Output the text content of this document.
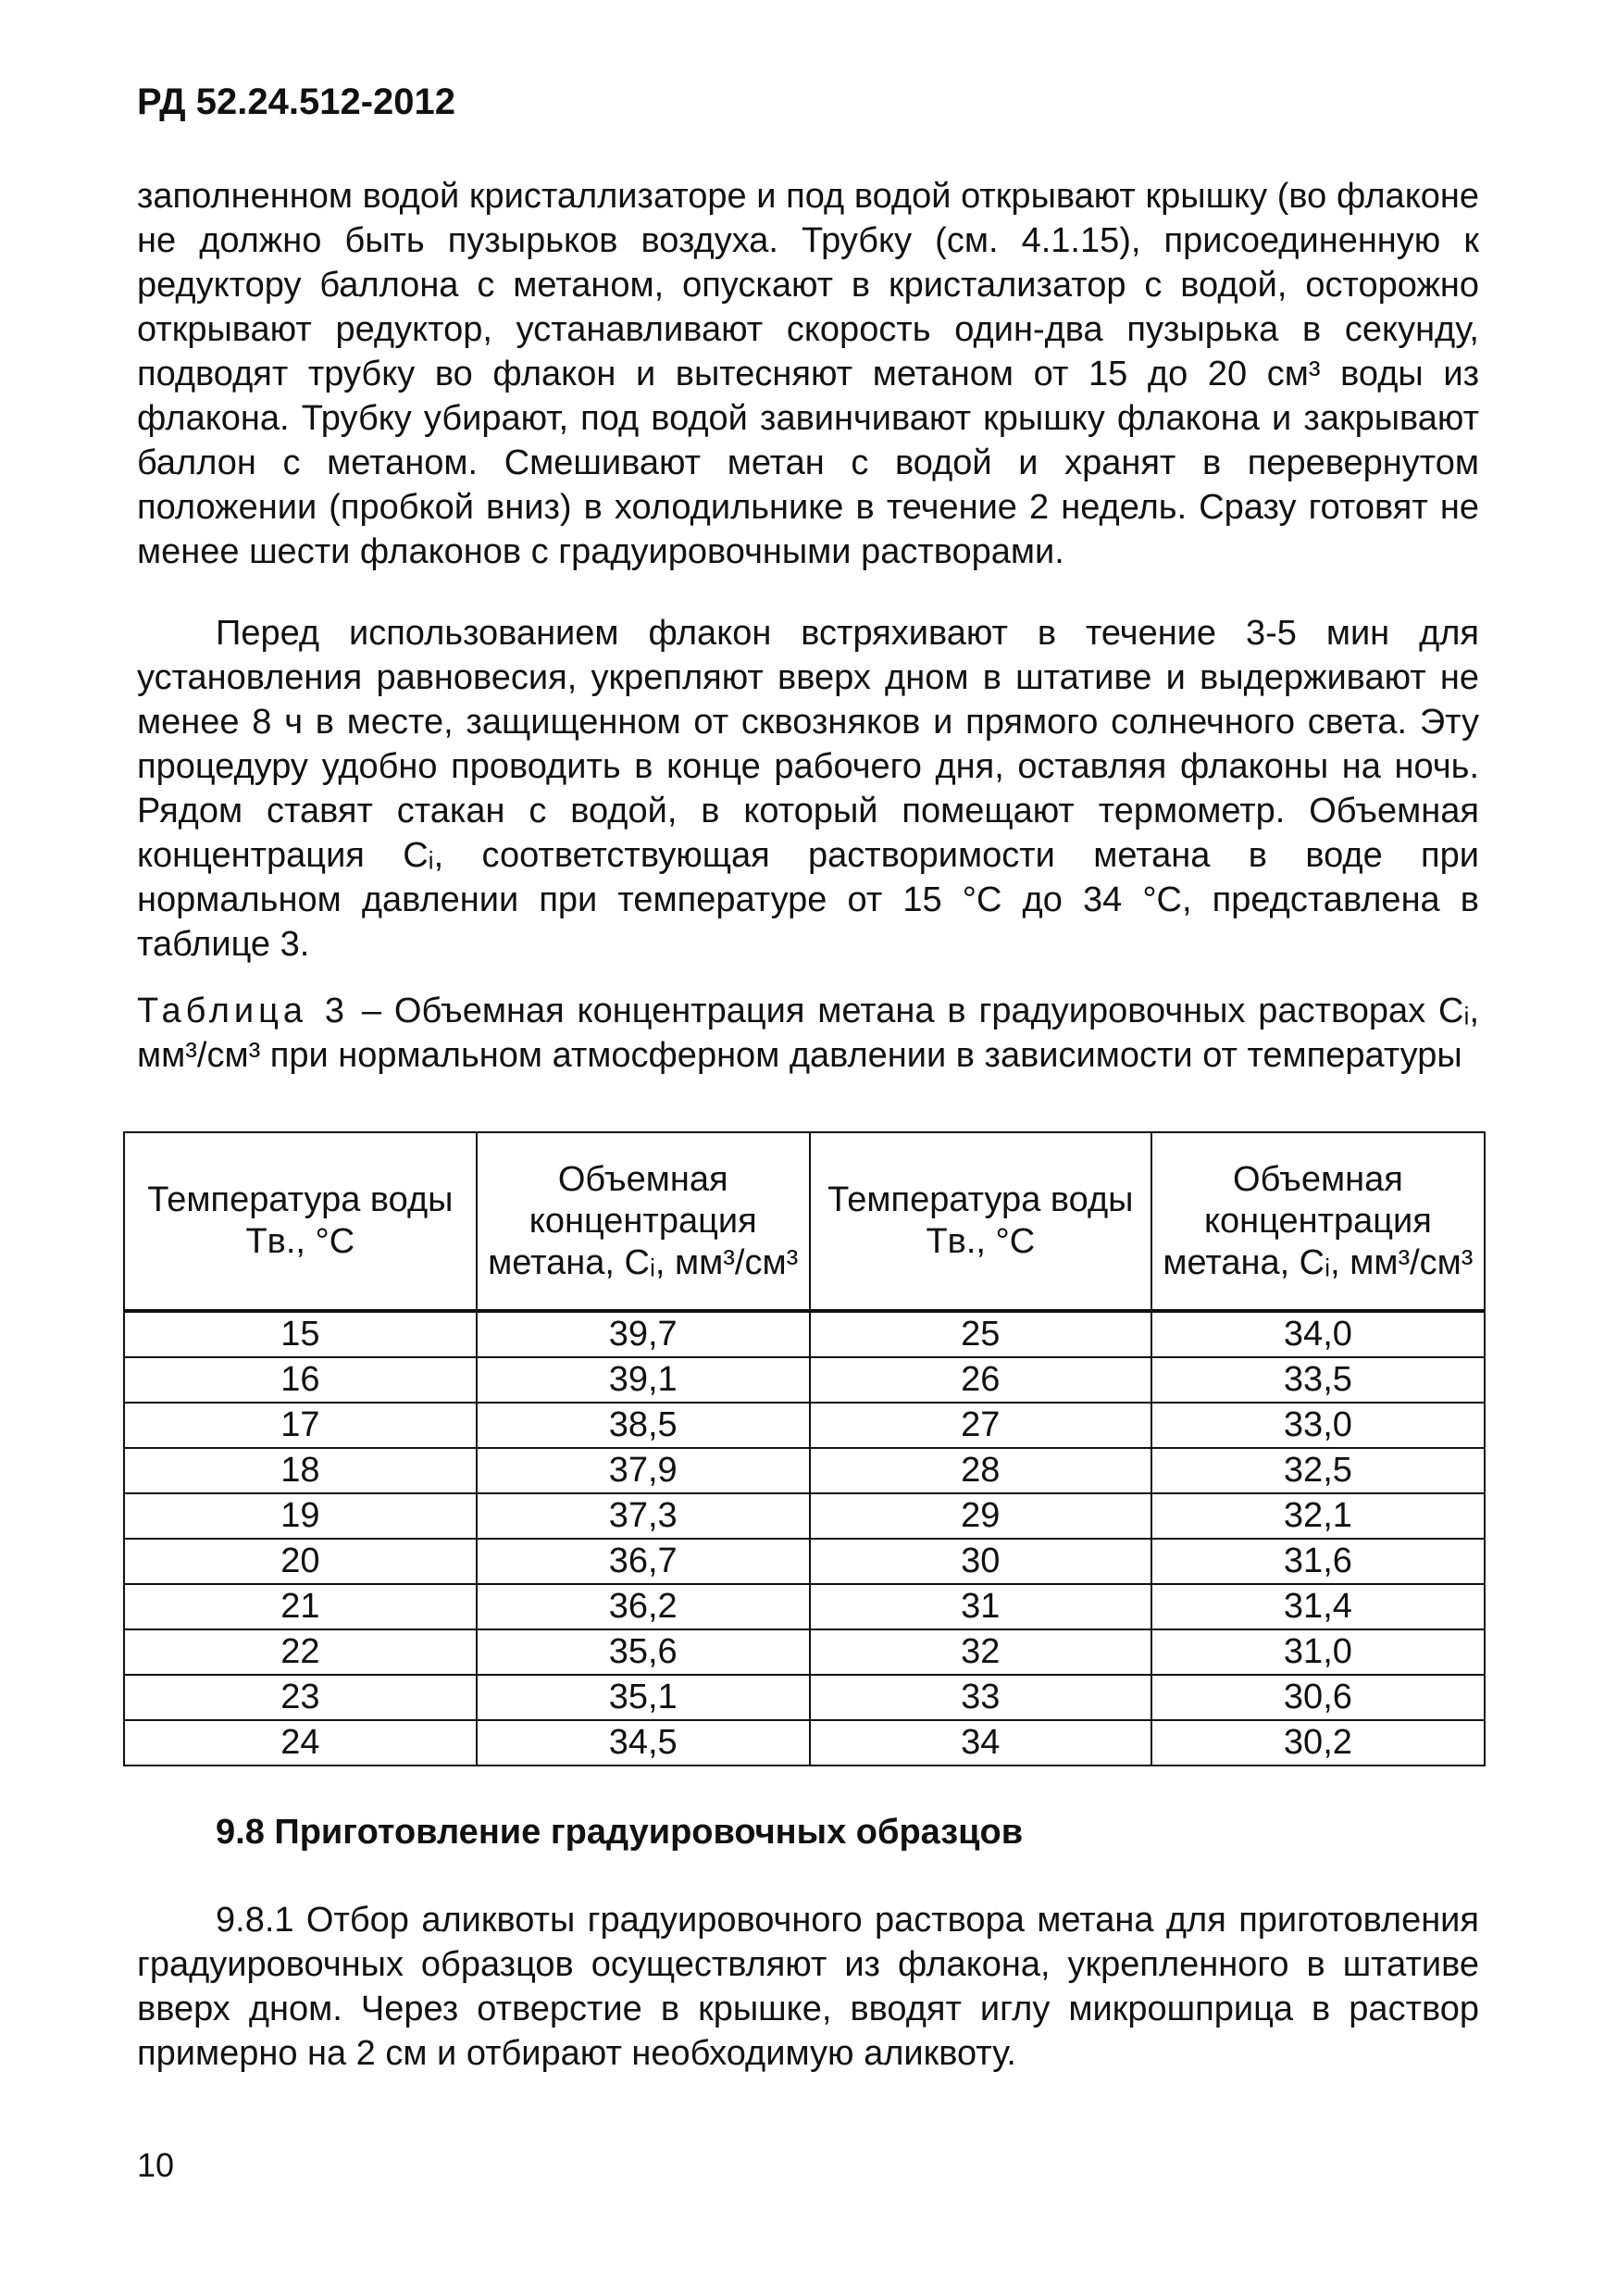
РД 52.24.512-2012
заполненном водой кристаллизаторе и под водой открывают крышку (во флаконе не должно быть пузырьков воздуха. Трубку (см. 4.1.15), присоединенную к редуктору баллона с метаном, опускают в кристализатор с водой, осторожно открывают редуктор, устанавливают скорость один-два пузырька в секунду, подводят трубку во флакон и вытесняют метаном от 15 до 20 см³ воды из флакона. Трубку убирают, под водой завинчивают крышку флакона и закрывают баллон с метаном. Смешивают метан с водой и хранят в перевернутом положении (пробкой вниз) в холодильнике в течение 2 недель. Сразу готовят не менее шести флаконов с градуировочными растворами.
Перед использованием флакон встряхивают в течение 3-5 мин для установления равновесия, укрепляют вверх дном в штативе и выдерживают не менее 8 ч в месте, защищенном от сквозняков и прямого солнечного света. Эту процедуру удобно проводить в конце рабочего дня, оставляя флаконы на ночь. Рядом ставят стакан с водой, в который помещают термометр. Объемная концентрация Cᵢ, соответствующая растворимости метана в воде при нормальном давлении при температуре от 15 °С до 34 °С, представлена в таблице 3.
Таблица 3 – Объемная концентрация метана в градуировочных растворах Cᵢ, мм³/см³ при нормальном атмосферном давлении в зависимости от температуры
Температура воды Tв., °С	Объемная концентрация метана, Cᵢ, мм³/см³	Температура воды Tв., °С	Объемная концентрация метана, Cᵢ, мм³/см³
15	39,7	25	34,0
16	39,1	26	33,5
17	38,5	27	33,0
18	37,9	28	32,5
19	37,3	29	32,1
20	36,7	30	31,6
21	36,2	31	31,4
22	35,6	32	31,0
23	35,1	33	30,6
24	34,5	34	30,2
9.8 Приготовление градуировочных образцов
9.8.1 Отбор аликвоты градуировочного раствора метана для приготовления градуировочных образцов осуществляют из флакона, укрепленного в штативе вверх дном. Через отверстие в крышке, вводят иглу микрошприца в раствор примерно на 2 см и отбирают необходимую аликвоту.
10
